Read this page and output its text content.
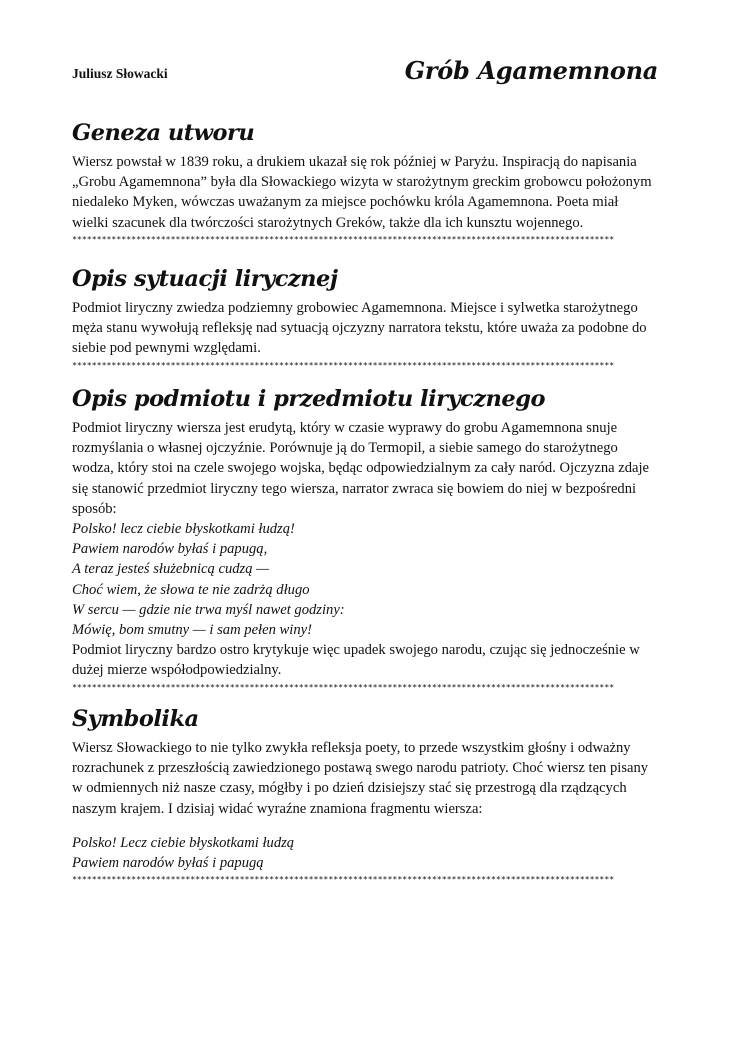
Juliusz Słowacki	Grób Agamemnona
Geneza utworu

Wiersz powstał w 1839 roku, a drukiem ukazał się rok później w Paryżu. Inspiracją do napisania

„Grobu Agamemnona” była dla Słowackiego wizyta w starożytnym greckim grobowcu położonym

niedaleko Myken, wówczas uważanym za miejsce pochówku króla Agamemnona. Poeta miał

wielki szacunek dla twórczości starożytnych Greków, także dla ich kunsztu wojennego.

**************************************************************************************************************
Opis sytuacji lirycznej

Podmiot liryczny zwiedza podziemny grobowiec Agamemnona. Miejsce i sylwetka starożytnego

męża stanu wywołują refleksję nad sytuacją ojczyzny narratora tekstu, które uważa za podobne do

siebie pod pewnymi względami.

**************************************************************************************************************
Opis podmiotu i przedmiotu lirycznego

Podmiot liryczny wiersza jest erudytą, który w czasie wyprawy do grobu Agamemnona snuje

rozmyślania o własnej ojczyźnie. Porównuje ją do Termopil, a siebie samego do starożytnego

wodza, który stoi na czele swojego wojska, będąc odpowiedzialnym za cały naród. Ojczyzna zdaje

się stanowić przedmiot liryczny tego wiersza, narrator zwraca się bowiem do niej w bezpośredni

sposób:

Polsko! lecz ciebie błyskotkami łudzą!

Pawiem narodów byłaś i papugą,

A teraz jesteś służebnicą cudzą —

Choć wiem, że słowa te nie zadrżą długo

W sercu — gdzie nie trwa myśl nawet godziny:

Mówię, bom smutny — i sam pełen winy!

Podmiot liryczny bardzo ostro krytykuje więc upadek swojego narodu, czując się jednocześnie w

dużej mierze współodpowiedzialny.

**************************************************************************************************************
Symbolika

Wiersz Słowackiego to nie tylko zwykła refleksja poety, to przede wszystkim głośny i odważny

rozrachunek z przeszłością zawiedzionego postawą swego narodu patrioty. Choć wiersz ten pisany

w odmiennych niż nasze czasy, mógłby i po dzień dzisiejszy stać się przestrogą dla rządzących

naszym krajem. I dzisiaj widać wyraźne znamiona fragmentu wiersza:

Polsko! Lecz ciebie błyskotkami łudzą

Pawiem narodów byłaś i papugą

**************************************************************************************************************
